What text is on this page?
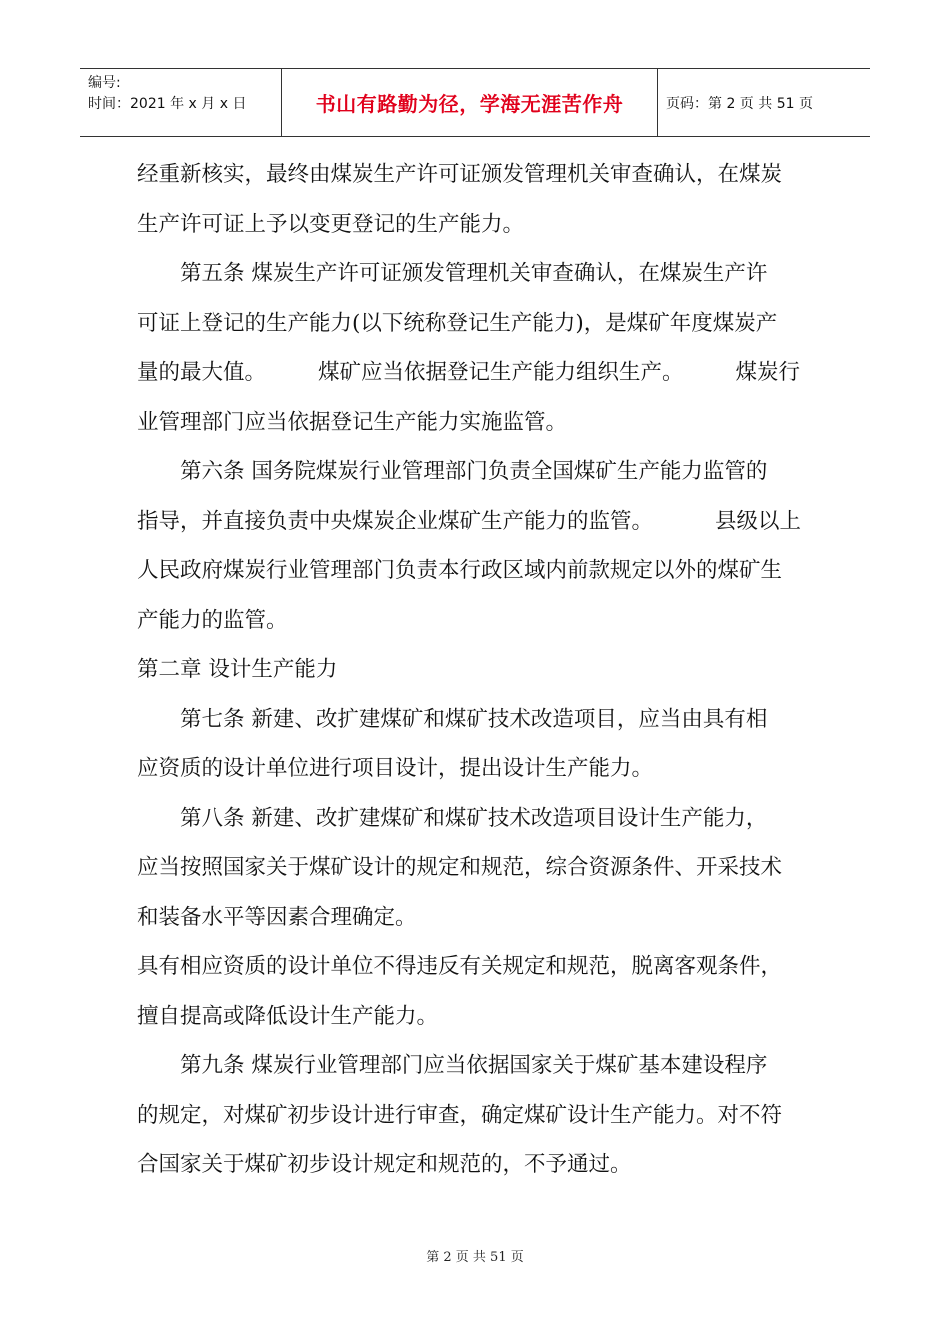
编号:
时间：2021 年 x 月 x 日	书山有路勤为径，学海无涯苦作舟	页码：第 2 页 共 51 页
经重新核实，最终由煤炭生产许可证颁发管理机关审查确认，在煤炭
生产许可证上予以变更登记的生产能力。
第五条 煤炭生产许可证颁发管理机关审查确认，在煤炭生产许
可证上登记的生产能力(以下统称登记生产能力)，是煤矿年度煤炭产
量的最大值。 煤矿应当依据登记生产能力组织生产。 煤炭行
业管理部门应当依据登记生产能力实施监管。
第六条 国务院煤炭行业管理部门负责全国煤矿生产能力监管的
指导，并直接负责中央煤炭企业煤矿生产能力的监管。	县级以上
人民政府煤炭行业管理部门负责本行政区域内前款规定以外的煤矿生
产能力的监管。
第二章 设计生产能力
第七条 新建、改扩建煤矿和煤矿技术改造项目，应当由具有相
应资质的设计单位进行项目设计，提出设计生产能力。
第八条 新建、改扩建煤矿和煤矿技术改造项目设计生产能力，
应当按照国家关于煤矿设计的规定和规范，综合资源条件、开采技术
和装备水平等因素合理确定。
具有相应资质的设计单位不得违反有关规定和规范，脱离客观条件，
擅自提高或降低设计生产能力。
第九条 煤炭行业管理部门应当依据国家关于煤矿基本建设程序
的规定，对煤矿初步设计进行审查，确定煤矿设计生产能力。对不符
合国家关于煤矿初步设计规定和规范的，不予通过。
第 2 页 共 51 页
